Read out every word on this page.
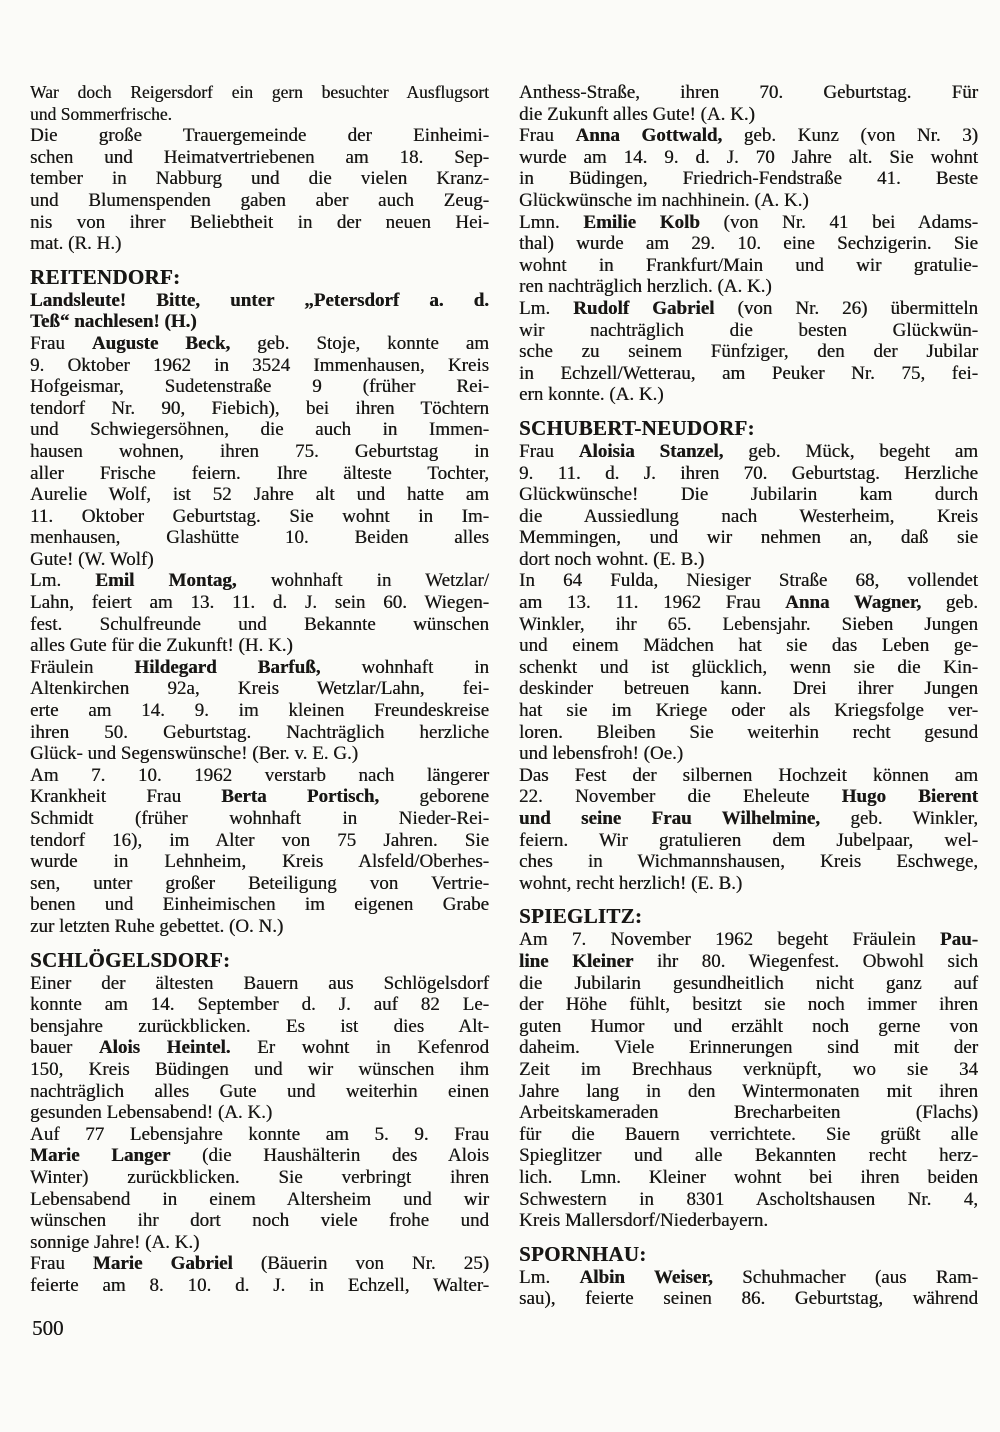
War doch Reigersdorf ein gern besuchter Ausflugsort
und Sommerfrische.
Die große Trauergemeinde der Einheimi-
schen und Heimatvertriebenen am 18. Sep-
tember in Nabburg und die vielen Kranz-
und Blumenspenden gaben aber auch Zeug-
nis von ihrer Beliebtheit in der neuen Hei-
mat. (R. H.)
REITENDORF:
Landsleute! Bitte, unter „Petersdorf a. d.
Teß“ nachlesen! (H.)
Frau Auguste Beck, geb. Stoje, konnte am
9. Oktober 1962 in 3524 Immenhausen, Kreis
Hofgeismar, Sudetenstraße 9 (früher Rei-
tendorf Nr. 90, Fiebich), bei ihren Töchtern
und Schwiegersöhnen, die auch in Immen-
hausen wohnen, ihren 75. Geburtstag in
aller Frische feiern. Ihre älteste Tochter,
Aurelie Wolf, ist 52 Jahre alt und hatte am
11. Oktober Geburtstag. Sie wohnt in Im-
menhausen, Glashütte 10. Beiden alles
Gute! (W. Wolf)
Lm. Emil Montag, wohnhaft in Wetzlar/
Lahn, feiert am 13. 11. d. J. sein 60. Wiegen-
fest. Schulfreunde und Bekannte wünschen
alles Gute für die Zukunft! (H. K.)
Fräulein Hildegard Barfuß, wohnhaft in
Altenkirchen 92a, Kreis Wetzlar/Lahn, fei-
erte am 14. 9. im kleinen Freundeskreise
ihren 50. Geburtstag. Nachträglich herzliche
Glück- und Segenswünsche! (Ber. v. E. G.)
Am 7. 10. 1962 verstarb nach längerer
Krankheit Frau Berta Portisch, geborene
Schmidt (früher wohnhaft in Nieder-Rei-
tendorf 16), im Alter von 75 Jahren. Sie
wurde in Lehnheim, Kreis Alsfeld/Oberhes-
sen, unter großer Beteiligung von Vertrie-
benen und Einheimischen im eigenen Grabe
zur letzten Ruhe gebettet. (O. N.)
SCHLÖGELSDORF:
Einer der ältesten Bauern aus Schlögelsdorf
konnte am 14. September d. J. auf 82 Le-
bensjahre zurückblicken. Es ist dies Alt-
bauer Alois Heintel. Er wohnt in Kefenrod
150, Kreis Büdingen und wir wünschen ihm
nachträglich alles Gute und weiterhin einen
gesunden Lebensabend! (A. K.)
Auf 77 Lebensjahre konnte am 5. 9. Frau
Marie Langer (die Haushälterin des Alois
Winter) zurückblicken. Sie verbringt ihren
Lebensabend in einem Altersheim und wir
wünschen ihr dort noch viele frohe und
sonnige Jahre! (A. K.)
Frau Marie Gabriel (Bäuerin von Nr. 25)
feierte am 8. 10. d. J. in Echzell, Walter-
Anthess-Straße, ihren 70. Geburtstag. Für
die Zukunft alles Gute! (A. K.)
Frau Anna Gottwald, geb. Kunz (von Nr. 3)
wurde am 14. 9. d. J. 70 Jahre alt. Sie wohnt
in Büdingen, Friedrich-Fendstraße 41. Beste
Glückwünsche im nachhinein. (A. K.)
Lmn. Emilie Kolb (von Nr. 41 bei Adams-
thal) wurde am 29. 10. eine Sechzigerin. Sie
wohnt in Frankfurt/Main und wir gratulie-
ren nachträglich herzlich. (A. K.)
Lm. Rudolf Gabriel (von Nr. 26) übermitteln
wir nachträglich die besten Glückwün-
sche zu seinem Fünfziger, den der Jubilar
in Echzell/Wetterau, am Peuker Nr. 75, fei-
ern konnte. (A. K.)
SCHUBERT-NEUDORF:
Frau Aloisia Stanzel, geb. Mück, begeht am
9. 11. d. J. ihren 70. Geburtstag. Herzliche
Glückwünsche! Die Jubilarin kam durch
die Aussiedlung nach Westerheim, Kreis
Memmingen, und wir nehmen an, daß sie
dort noch wohnt. (E. B.)
In 64 Fulda, Niesiger Straße 68, vollendet
am 13. 11. 1962 Frau Anna Wagner, geb.
Winkler, ihr 65. Lebensjahr. Sieben Jungen
und einem Mädchen hat sie das Leben ge-
schenkt und ist glücklich, wenn sie die Kin-
deskinder betreuen kann. Drei ihrer Jungen
hat sie im Kriege oder als Kriegsfolge ver-
loren. Bleiben Sie weiterhin recht gesund
und lebensfroh! (Oe.)
Das Fest der silbernen Hochzeit können am
22. November die Eheleute Hugo Bierent
und seine Frau Wilhelmine, geb. Winkler,
feiern. Wir gratulieren dem Jubelpaar, wel-
ches in Wichmannshausen, Kreis Eschwege,
wohnt, recht herzlich! (E. B.)
SPIEGLITZ:
Am 7. November 1962 begeht Fräulein Pau-
line Kleiner ihr 80. Wiegenfest. Obwohl sich
die Jubilarin gesundheitlich nicht ganz auf
der Höhe fühlt, besitzt sie noch immer ihren
guten Humor und erzählt noch gerne von
daheim. Viele Erinnerungen sind mit der
Zeit im Brechhaus verknüpft, wo sie 34
Jahre lang in den Wintermonaten mit ihren
Arbeitskameraden Brecharbeiten (Flachs)
für die Bauern verrichtete. Sie grüßt alle
Spieglitzer und alle Bekannten recht herz-
lich. Lmn. Kleiner wohnt bei ihren beiden
Schwestern in 8301 Ascholtshausen Nr. 4,
Kreis Mallersdorf/Niederbayern.
SPORNHAU:
Lm. Albin Weiser, Schuhmacher (aus Ram-
sau), feierte seinen 86. Geburtstag, während
500
